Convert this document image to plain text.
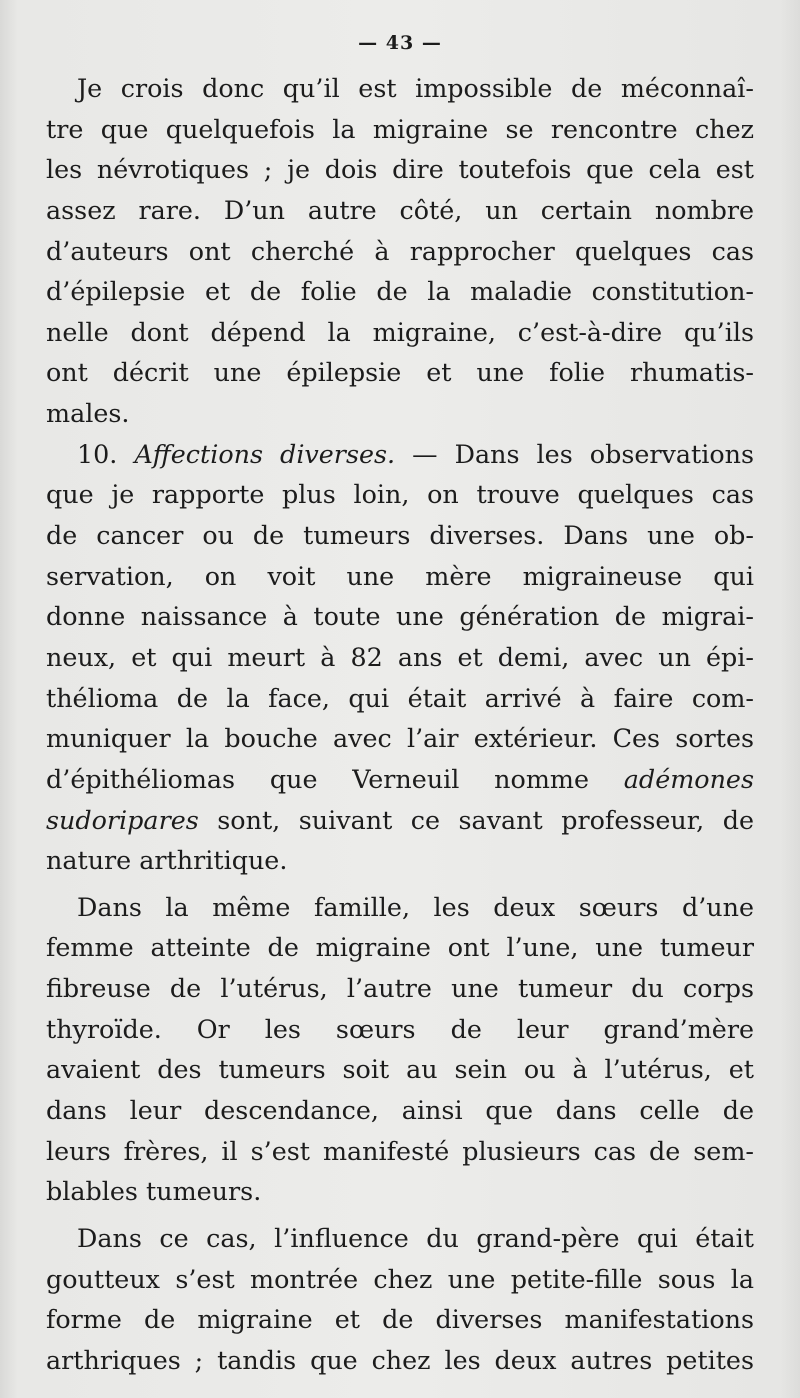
— 43 —
Je crois donc qu’il est impossible de méconnaî-
tre que quelquefois la migraine se rencontre chez
les névrotiques ; je dois dire toutefois que cela est
assez rare. D’un autre côté, un certain nombre
d’auteurs ont cherché à rapprocher quelques cas
d’épilepsie et de folie de la maladie constitution-
nelle dont dépend la migraine, c’est-à-dire qu’ils
ont décrit une épilepsie et une folie rhumatis-
males.
10. Affections diverses. — Dans les observations
que je rapporte plus loin, on trouve quelques cas
de cancer ou de tumeurs diverses. Dans une ob-
servation, on voit une mère migraineuse qui
donne naissance à toute une génération de migrai-
neux, et qui meurt à 82 ans et demi, avec un épi-
thélioma de la face, qui était arrivé à faire com-
muniquer la bouche avec l’air extérieur. Ces sortes
d’épithéliomas que Verneuil nomme adémones
sudoripares sont, suivant ce savant professeur, de
nature arthritique.
Dans la même famille, les deux sœurs d’une
femme atteinte de migraine ont l’une, une tumeur
fibreuse de l’utérus, l’autre une tumeur du corps
thyroïde. Or les sœurs de leur grand’mère
avaient des tumeurs soit au sein ou à l’utérus, et
dans leur descendance, ainsi que dans celle de
leurs frères, il s’est manifesté plusieurs cas de sem-
blables tumeurs.
Dans ce cas, l’influence du grand-père qui était
goutteux s’est montrée chez une petite-fille sous la
forme de migraine et de diverses manifestations
arthriques ; tandis que chez les deux autres petites
